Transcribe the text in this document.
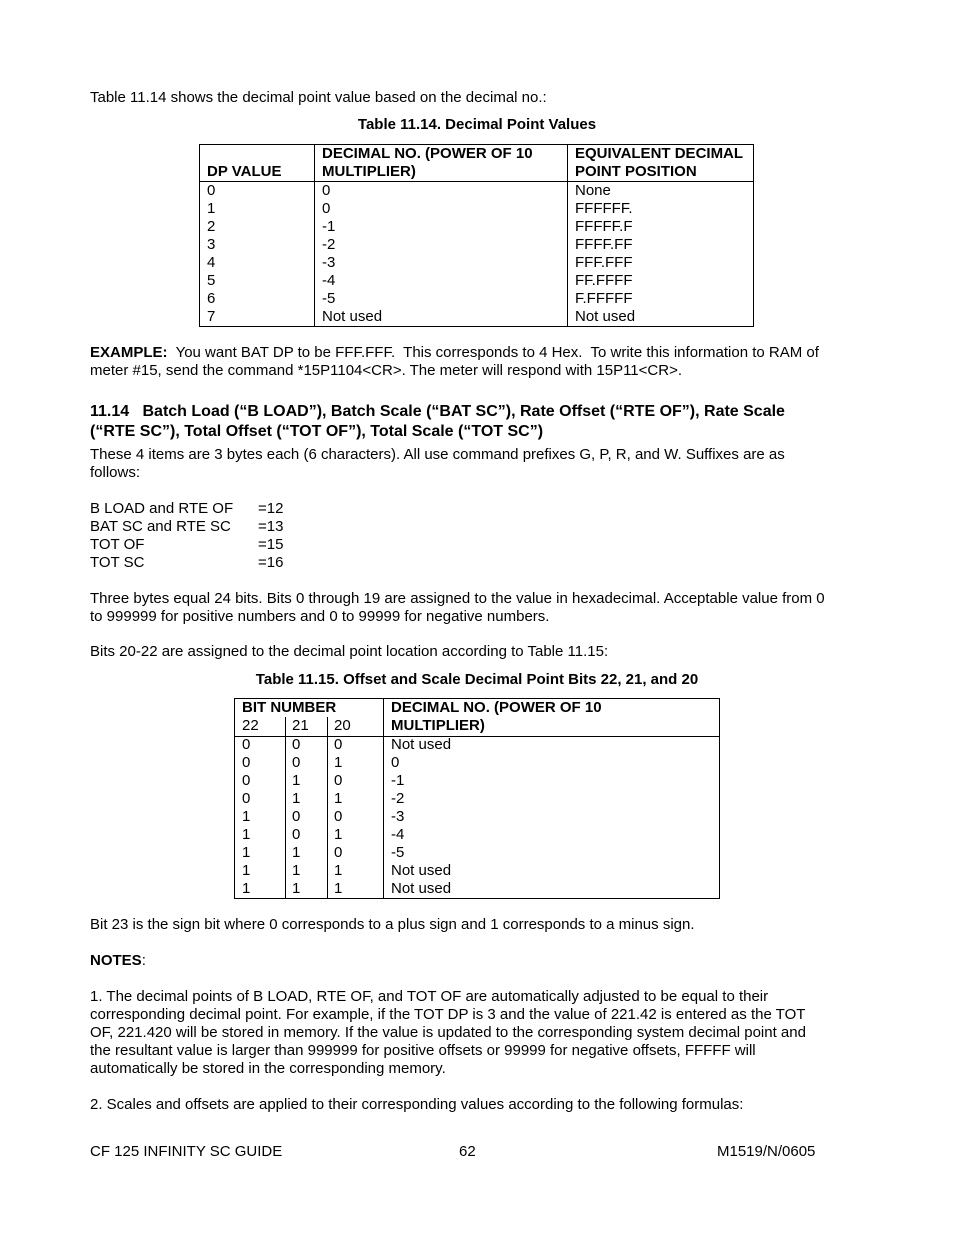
Table 11.14 shows the decimal point value based on the decimal no.:
Table 11.14. Decimal Point Values
DP VALUE	DECIMAL NO. (POWER OF 10 MULTIPLIER)	EQUIVALENT DECIMAL POINT POSITION
0	0	None
1	0	FFFFFF.
2	-1	FFFFF.F
3	-2	FFFF.FF
4	-3	FFF.FFF
5	-4	FF.FFFF
6	-5	F.FFFFF
7	Not used	Not used
EXAMPLE:  You want BAT DP to be FFF.FFF.  This corresponds to 4 Hex.  To write this information to RAM of
meter #15, send the command *15P1104<CR>. The meter will respond with 15P11<CR>.
11.14   Batch Load (“B LOAD”), Batch Scale (“BAT SC”), Rate Offset (“RTE OF”), Rate Scale
(“RTE SC”), Total Offset (“TOT OF”), Total Scale (“TOT SC”)
These 4 items are 3 bytes each (6 characters). All use command prefixes G, P, R, and W. Suffixes are as
follows:
B LOAD and RTE OF =12
BAT SC and RTE SC =13
TOT OF	=15
TOT SC	=16
Three bytes equal 24 bits. Bits 0 through 19 are assigned to the value in hexadecimal. Acceptable value from 0
to 999999 for positive numbers and 0 to 99999 for negative numbers.
Bits 20-22 are assigned to the decimal point location according to Table 11.15:
Table 11.15. Offset and Scale Decimal Point Bits 22, 21, and 20
BIT NUMBER
22 21 20
DECIMAL NO. (POWER OF 10
MULTIPLIER)
0	0 0	Not used
0	0 1	0
0	1 0	-1
0	1 1	-2
1	0 0	-3
1	0 1	-4
1	1 0	-5
1	1 1	Not used
1	1 1	Not used
Bit 23 is the sign bit where 0 corresponds to a plus sign and 1 corresponds to a minus sign.
NOTES:
1. The decimal points of B LOAD, RTE OF, and TOT OF are automatically adjusted to be equal to their
corresponding decimal point. For example, if the TOT DP is 3 and the value of 221.42 is entered as the TOT
OF, 221.420 will be stored in memory. If the value is updated to the corresponding system decimal point and
the resultant value is larger than 999999 for positive offsets or 99999 for negative offsets, FFFFF will
automatically be stored in the corresponding memory.
2. Scales and offsets are applied to their corresponding values according to the following formulas:
CF 125 INFINITY SC GUIDE	62	M1519/N/0605
